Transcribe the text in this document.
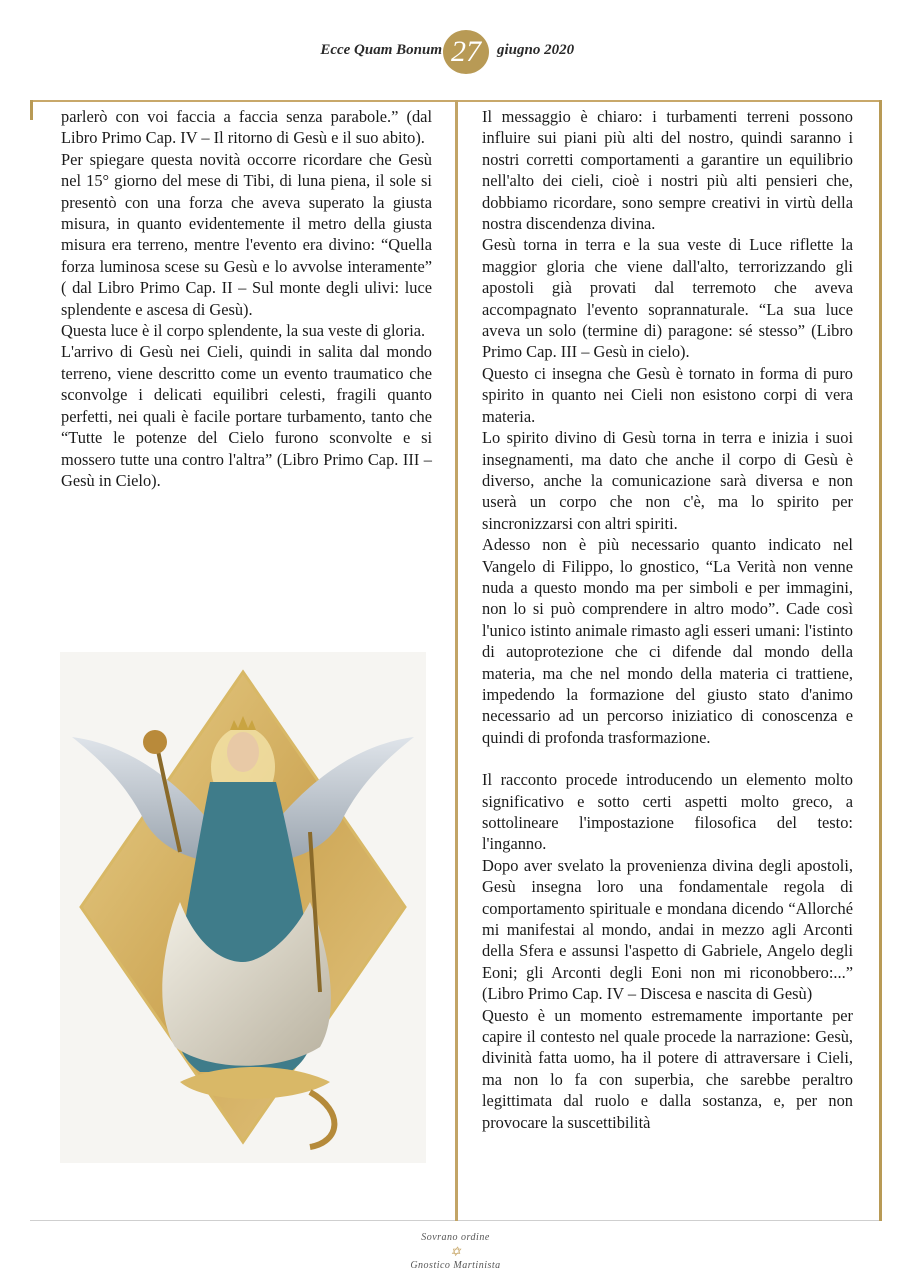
Ecce Quam Bonum 27	giugno 2020

parlerò con voi faccia a faccia senza parabole.” (dal Libro Primo Cap. IV – Il ritorno di Gesù e il suo abito).

Per spiegare questa novità occorre ricordare che Gesù nel 15° giorno del mese di Tibi, di luna piena, il sole si presentò con una forza che aveva superato la giusta misura, in quanto evidentemente il metro della giusta misura era terreno, mentre l'evento era divino: “Quella forza luminosa scese su Gesù e lo avvolse interamente” ( dal Libro Primo Cap. II – Sul monte degli ulivi: luce splendente e ascesa di Gesù).

Questa luce è il corpo splendente, la sua veste di gloria.

L'arrivo di Gesù nei Cieli, quindi in salita dal mondo terreno, viene descritto come un evento traumatico che sconvolge i delicati equilibri celesti, fragili quanto perfetti, nei quali è facile portare turbamento, tanto che “Tutte le potenze del Cielo furono sconvolte e si mossero tutte una contro l'altra” (Libro Primo Cap. III – Gesù in Cielo).

Il messaggio è chiaro: i turbamenti terreni possono influire sui piani più alti del nostro, quindi saranno i nostri corretti comportamenti a garantire un equilibrio nell'alto dei cieli, cioè i nostri più alti pensieri che, dobbiamo ricordare, sono sempre creativi in virtù della nostra discendenza divina.

Gesù torna in terra e la sua veste di Luce riflette la maggior gloria che viene dall'alto, terrorizzando gli apostoli già provati dal terremoto che aveva accompagnato l'evento soprannaturale. “La sua luce aveva un solo (termine di) paragone: sé stesso” (Libro Primo Cap. III – Gesù in cielo).

Questo ci insegna che Gesù è tornato in forma di puro spirito in quanto nei Cieli non esistono corpi di vera materia.

Lo spirito divino di Gesù torna in terra e inizia i suoi insegnamenti, ma dato che anche il corpo di Gesù è diverso, anche la comunicazione sarà diversa e non userà un corpo che non c'è, ma lo spirito per sincronizzarsi con altri spiriti.

Adesso non è più necessario quanto indicato nel Vangelo di Filippo, lo gnostico, “La Verità non venne nuda a questo mondo ma per simboli e per immagini, non lo si può comprendere in altro modo”. Cade così l'unico istinto animale rimasto agli esseri umani: l'istinto di autoprotezione che ci difende dal mondo della materia, ma che nel mondo della materia ci trattiene, impedendo la formazione del giusto stato d'animo necessario ad un percorso iniziatico di conoscenza e quindi di profonda trasformazione.

Il racconto procede introducendo un elemento molto significativo e sotto certi aspetti molto greco, a sottolineare l'impostazione filosofica del testo: l'inganno.

Dopo aver svelato la provenienza divina degli apostoli, Gesù insegna loro una fondamentale regola di comportamento spirituale e mondana dicendo “Allorché mi manifestai al mondo, andai in mezzo agli Arconti della Sfera e assunsi l'aspetto di Gabriele, Angelo degli Eoni; gli Arconti degli Eoni non mi riconobbero:...” (Libro Primo Cap. IV – Discesa e nascita di Gesù)

Questo è un momento estremamente importante per capire il contesto nel quale procede la narrazione: Gesù, divinità fatta uomo, ha il potere di attraversare i Cieli, ma non lo fa con superbia, che sarebbe peraltro legittimata dal ruolo e dalla sostanza, e, per non provocare la suscettibilità

Sovrano ordine
✡
Gnostico Martinista
